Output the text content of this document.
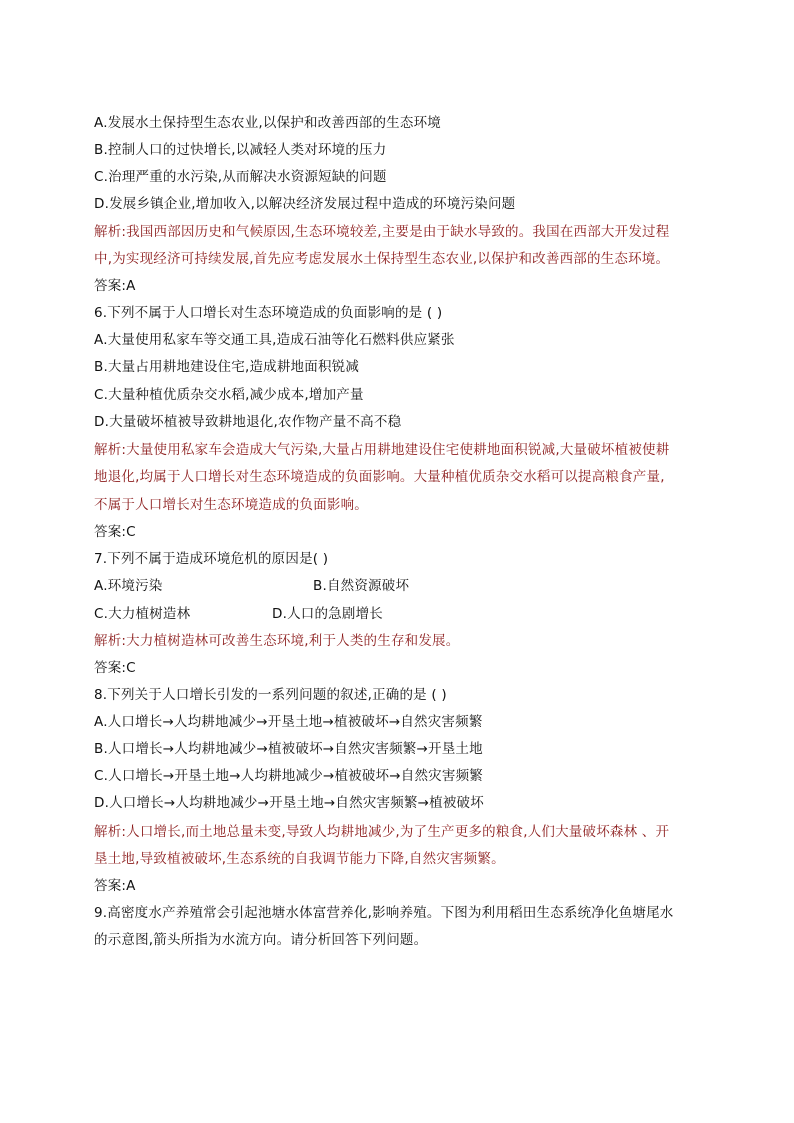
A.发展水土保持型生态农业,以保护和改善西部的生态环境
B.控制人口的过快增长,以减轻人类对环境的压力
C.治理严重的水污染,从而解决水资源短缺的问题
D.发展乡镇企业,增加收入,以解决经济发展过程中造成的环境污染问题
解析:我国西部因历史和气候原因,生态环境较差,主要是由于缺水导致的。我国在西部大开发过程
中,为实现经济可持续发展,首先应考虑发展水土保持型生态农业,以保护和改善西部的生态环境。
答案:A
6.下列不属于人口增长对生态环境造成的负面影响的是 ( )
A.大量使用私家车等交通工具,造成石油等化石燃料供应紧张
B.大量占用耕地建设住宅,造成耕地面积锐减
C.大量种植优质杂交水稻,减少成本,增加产量
D.大量破坏植被导致耕地退化,农作物产量不高不稳
解析:大量使用私家车会造成大气污染,大量占用耕地建设住宅使耕地面积锐减,大量破坏植被使耕
地退化,均属于人口增长对生态环境造成的负面影响。大量种植优质杂交水稻可以提高粮食产量,
不属于人口增长对生态环境造成的负面影响。
答案:C
7.下列不属于造成环境危机的原因是( )
A.环境污染	B.自然资源破坏
C.大力植树造林	D.人口的急剧增长
解析:大力植树造林可改善生态环境,利于人类的生存和发展。
答案:C
8.下列关于人口增长引发的一系列问题的叙述,正确的是 ( )
A.人口增长→人均耕地减少→开垦土地→植被破坏→自然灾害频繁
B.人口增长→人均耕地减少→植被破坏→自然灾害频繁→开垦土地
C.人口增长→开垦土地→人均耕地减少→植被破坏→自然灾害频繁
D.人口增长→人均耕地减少→开垦土地→自然灾害频繁→植被破坏
解析:人口增长,而土地总量未变,导致人均耕地减少,为了生产更多的粮食,人们大量破坏森林 、开
垦土地,导致植被破坏,生态系统的自我调节能力下降,自然灾害频繁。
答案:A
9.高密度水产养殖常会引起池塘水体富营养化,影响养殖。下图为利用稻田生态系统净化鱼塘尾水
的示意图,箭头所指为水流方向。请分析回答下列问题。
